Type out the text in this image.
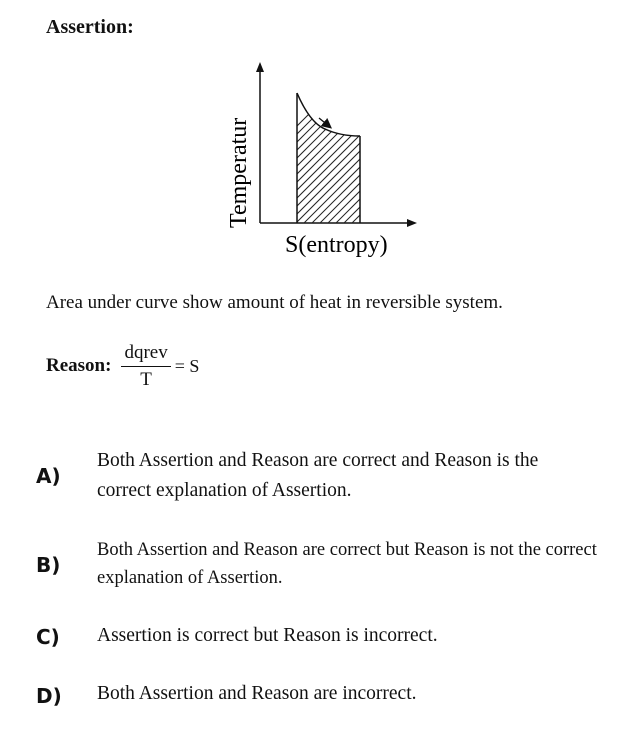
Assertion:
Temperatur
S(entropy)
Area under curve show amount of heat in reversible system.
Reason: $\frac{\text{dqrev}}{T} = S$
A)
Both Assertion and Reason are correct and Reason is the correct explanation of Assertion.
B)
Both Assertion and Reason are correct but Reason is not the correct explanation of Assertion.
C) Assertion is correct but Reason is incorrect.
D) Both Assertion and Reason are incorrect.
